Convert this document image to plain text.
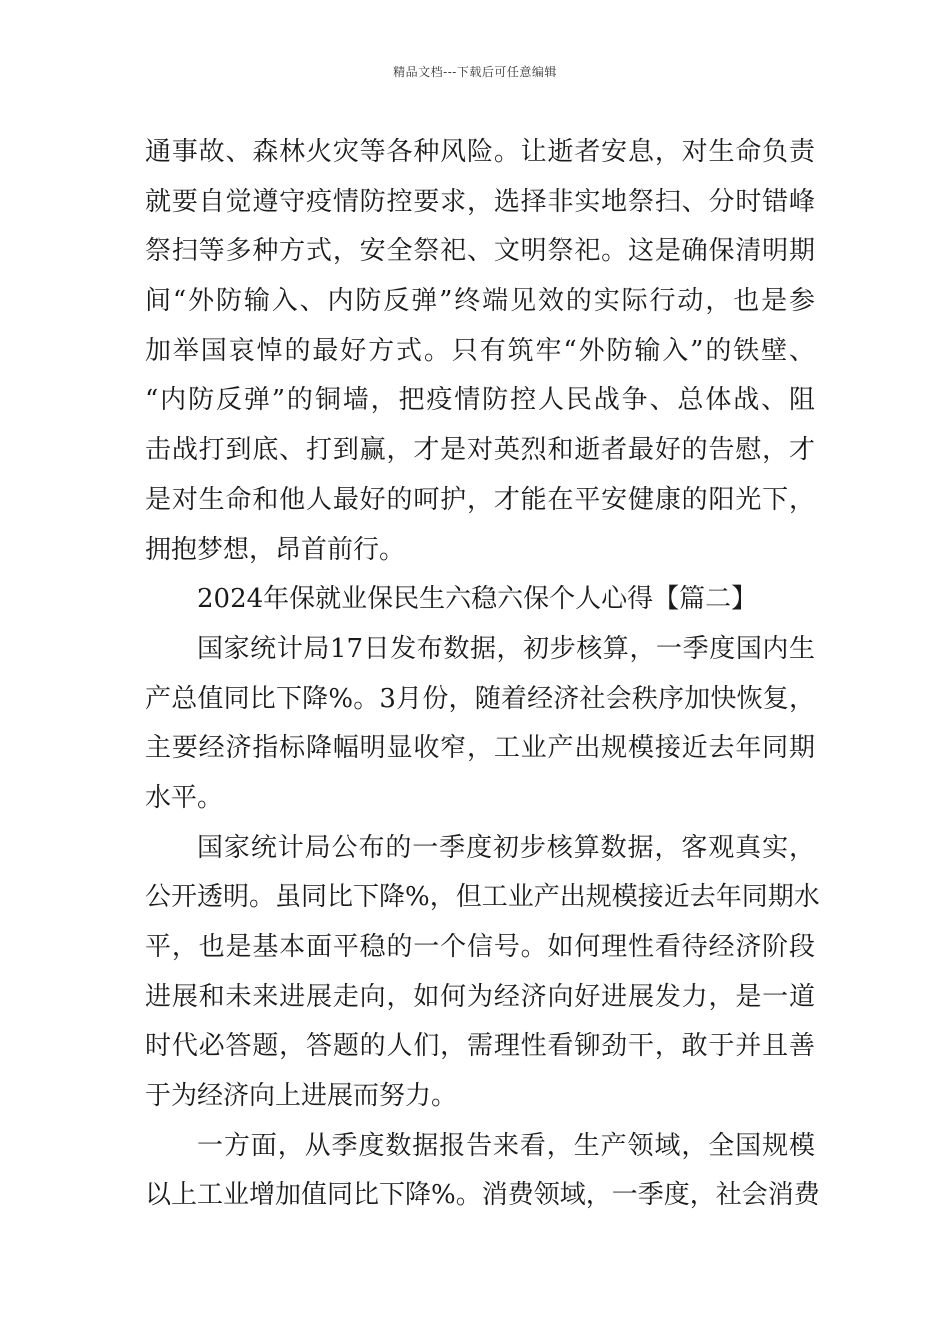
精品文档---下载后可任意编辑

通事故、森林火灾等各种风险。让逝者安息，对生命负责
就要自觉遵守疫情防控要求，选择非实地祭扫、分时错峰
祭扫等多种方式，安全祭祀、文明祭祀。这是确保清明期
间“外防输入、内防反弹”终端见效的实际行动，也是参
加举国哀悼的最好方式。只有筑牢“外防输入”的铁壁、
“内防反弹”的铜墙，把疫情防控人民战争、总体战、阻
击战打到底、打到赢，才是对英烈和逝者最好的告慰，才
是对生命和他人最好的呵护，才能在平安健康的阳光下，
拥抱梦想，昂首前行。

2024年保就业保民生六稳六保个人心得【篇二】

国家统计局17日发布数据，初步核算，一季度国内生
产总值同比下降%。3月份，随着经济社会秩序加快恢复，
主要经济指标降幅明显收窄，工业产出规模接近去年同期
水平。

国家统计局公布的一季度初步核算数据，客观真实，
公开透明。虽同比下降%，但工业产出规模接近去年同期水
平，也是基本面平稳的一个信号。如何理性看待经济阶段
进展和未来进展走向，如何为经济向好进展发力，是一道
时代必答题，答题的人们，需理性看铆劲干，敢于并且善
于为经济向上进展而努力。

一方面，从季度数据报告来看，生产领域，全国规模
以上工业增加值同比下降%。消费领域，一季度，社会消费
